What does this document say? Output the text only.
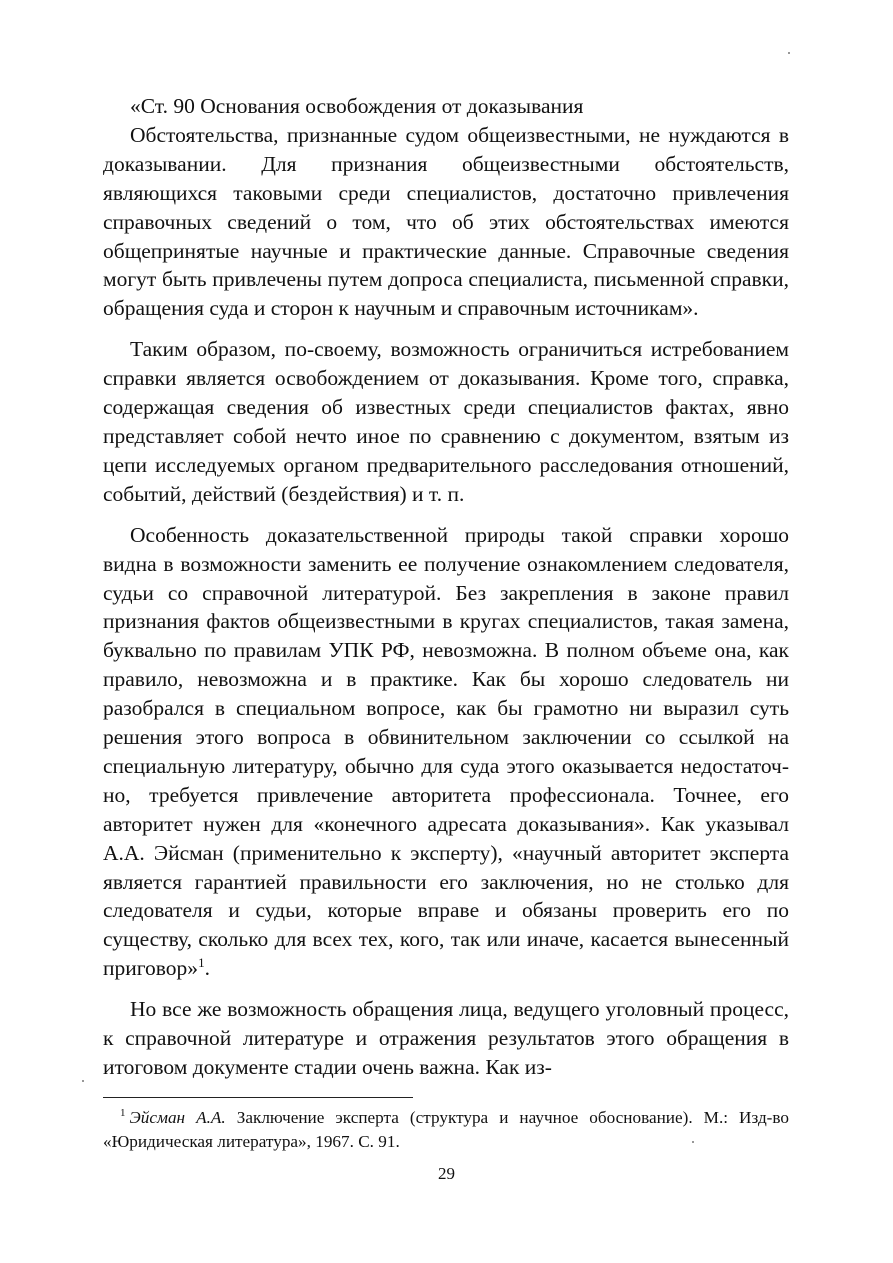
«Ст. 90 Основания освобождения от доказывания

Обстоятельства, признанные судом общеизвестными, не нуждаются в доказывании. Для признания общеизвестными обстоятельств, являющихся таковыми среди специалистов, достаточно привлечения справочных сведений о том, что об этих обстоятельствах имеются общепринятые научные и практические данные. Справочные сведения могут быть привлечены путем допроса специалиста, письменной справки, обращения суда и сторон к научным и справочным источникам».

Таким образом, по-своему, возможность ограничиться истребованием справки является освобождением от доказывания. Кроме того, справка, содержащая сведения об известных среди специалистов фактах, явно представляет собой нечто иное по сравнению с документом, взятым из цепи исследуемых органом предварительного расследования отношений, событий, действий (бездействия) и т. п.

Особенность доказательственной природы такой справки хорошо видна в возможности заменить ее получение ознакомлением следователя, судьи со справочной литературой. Без закрепления в законе правил признания фактов общеизвестными в кругах специалистов, такая замена, буквально по правилам УПК РФ, невозможна. В полном объеме она, как правило, невозможна и в практике. Как бы хорошо следователь ни разобрался в специальном вопросе, как бы грамотно ни выразил суть решения этого вопроса в обвинительном заключении со ссылкой на специальную литературу, обычно для суда этого оказывается недостаточно, требуется привлечение авторитета профессионала. Точнее, его авторитет нужен для «конечного адресата доказывания». Как указывал А.А. Эйсман (применительно к эксперту), «научный авторитет эксперта является гарантией правильности его заключения, но не столько для следователя и судьи, которые вправе и обязаны проверить его по существу, сколько для всех тех, кого, так или иначе, касается вынесенный приговор»$^1$.

Но все же возможность обращения лица, ведущего уголовный процесс, к справочной литературе и отражения результатов этого обращения в итоговом документе стадии очень важна. Как из-

$^1$ Эйсман А.А. Заключение эксперта (структура и научное обоснование). М.: Изд-во «Юридическая литература», 1967. С. 91.

29
